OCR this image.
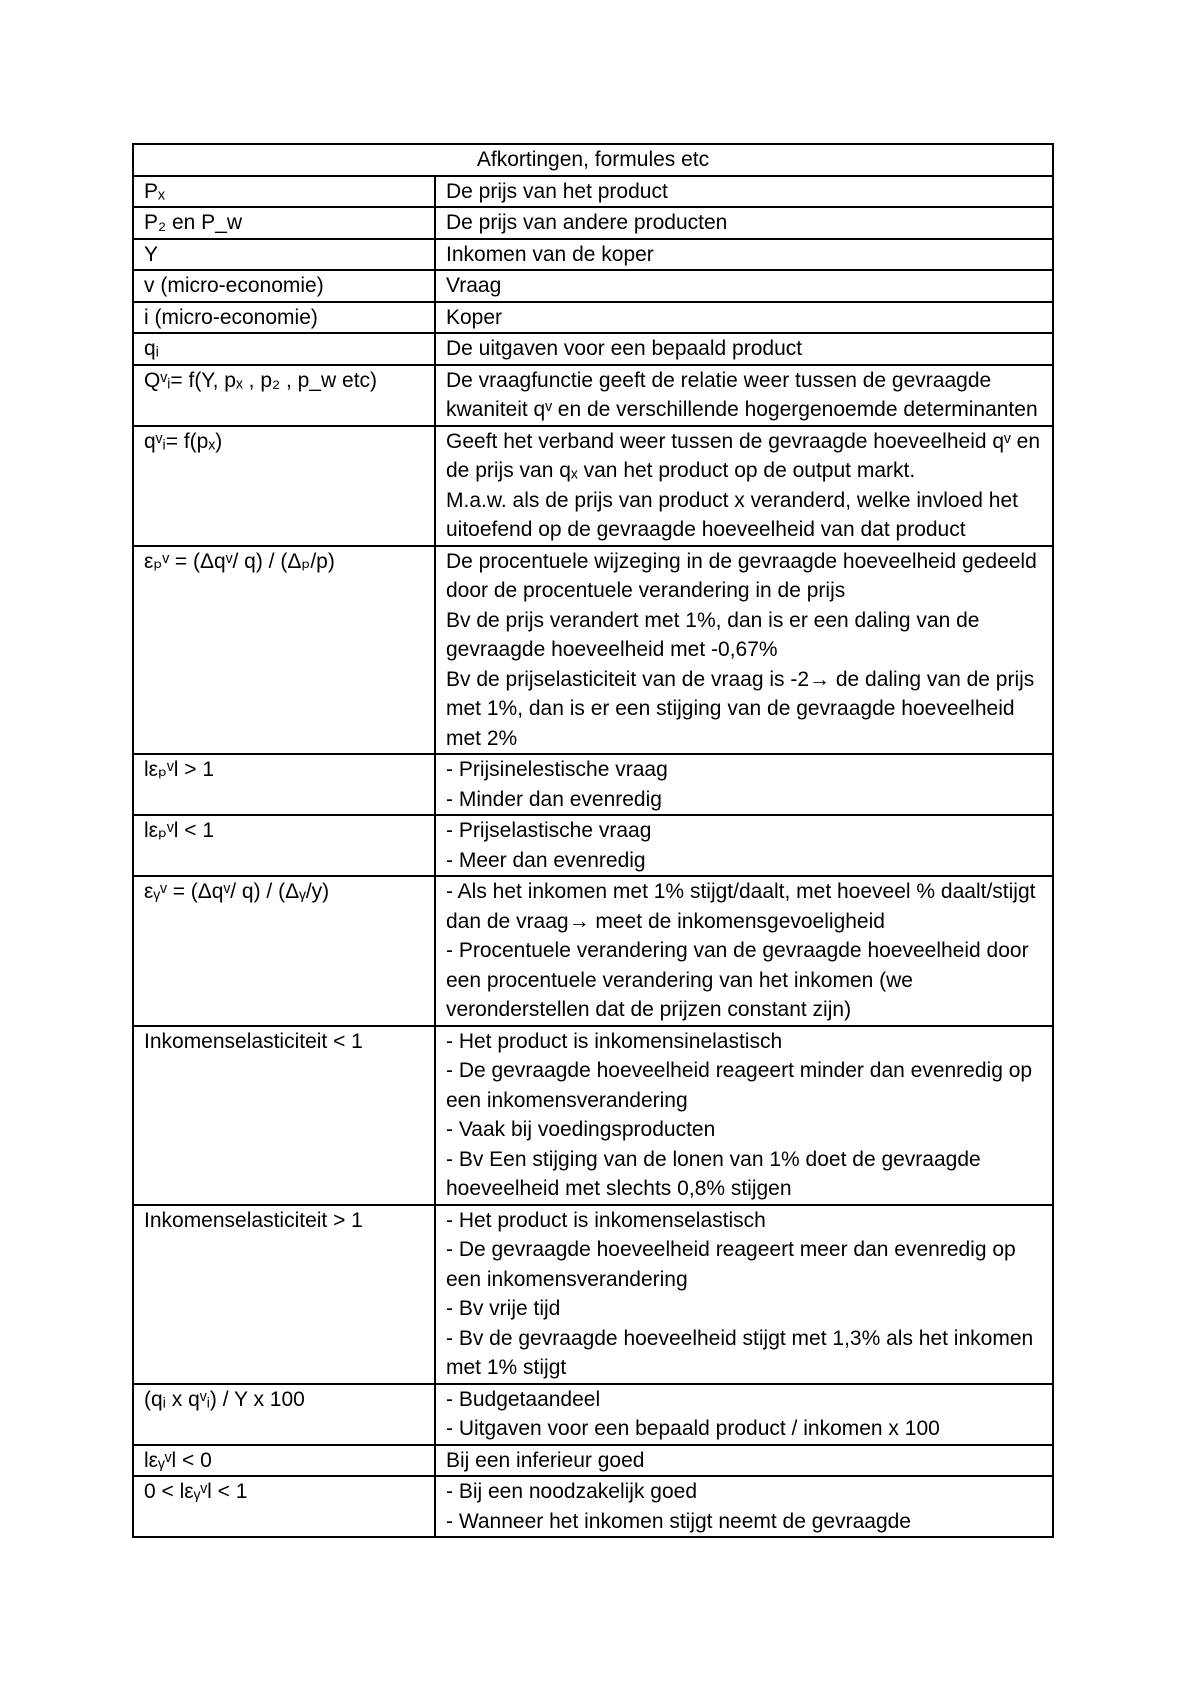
Afkortingen, formules etc	
Pₓ	De prijs van het product

P₂ en P_w	De prijs van andere producten

Y	Inkomen van de koper

v (micro-economie)	Vraag

i (micro-economie)	Koper

qᵢ	De uitgaven voor een bepaald product

Qᵛᵢ= f(Y, pₓ , p₂ , p_w etc)	De vraagfunctie geeft de relatie weer tussen de gevraagde kwaniteit qᵛ en de verschillende hogergenoemde determinanten

qᵛᵢ= f(pₓ)	Geeft het verband weer tussen de gevraagde hoeveelheid qᵛ en de prijs van qₓ van het product op de output markt.
M.a.w. als de prijs van product x veranderd, welke invloed het uitoefend op de gevraagde hoeveelheid van dat product

εₚᵛ = (Δqᵛ/ q) / (Δₚ/p)	De procentuele wijzeging in de gevraagde hoeveelheid gedeeld door de procentuele verandering in de prijs
Bv de prijs verandert met 1%, dan is er een daling van de gevraagde hoeveelheid met -0,67%
Bv de prijselasticiteit van de vraag is -2→ de daling van de prijs met 1%, dan is er een stijging van de gevraagde hoeveelheid met 2%

lεₚᵛl > 1	- Prijsinelestische vraag
- Minder dan evenredig

lεₚᵛl < 1	- Prijselastische vraag
- Meer dan evenredig

εᵧᵛ = (Δqᵛ/ q) / (Δᵧ/y)	- Als het inkomen met 1% stijgt/daalt, met hoeveel % daalt/stijgt dan de vraag→ meet de inkomensgevoeligheid
- Procentuele verandering van de gevraagde hoeveelheid door een procentuele verandering van het inkomen (we veronderstellen dat de prijzen constant zijn)

Inkomenselasticiteit < 1	- Het product is inkomensinelastisch
- De gevraagde hoeveelheid reageert minder dan evenredig op een inkomensverandering
- Vaak bij voedingsproducten
- Bv Een stijging van de lonen van 1% doet de gevraagde hoeveelheid met slechts 0,8% stijgen

Inkomenselasticiteit > 1	- Het product is inkomenselastisch
- De gevraagde hoeveelheid reageert meer dan evenredig op een inkomensverandering
- Bv vrije tijd
- Bv de gevraagde hoeveelheid stijgt met 1,3% als het inkomen met 1% stijgt

(qᵢ x qᵛᵢ) / Y x 100	- Budgetaandeel
- Uitgaven voor een bepaald product / inkomen x 100

lεᵧᵛl < 0	Bij een inferieur goed

0 < lεᵧᵛl < 1	- Bij een noodzakelijk goed
- Wanneer het inkomen stijgt neemt de gevraagde
